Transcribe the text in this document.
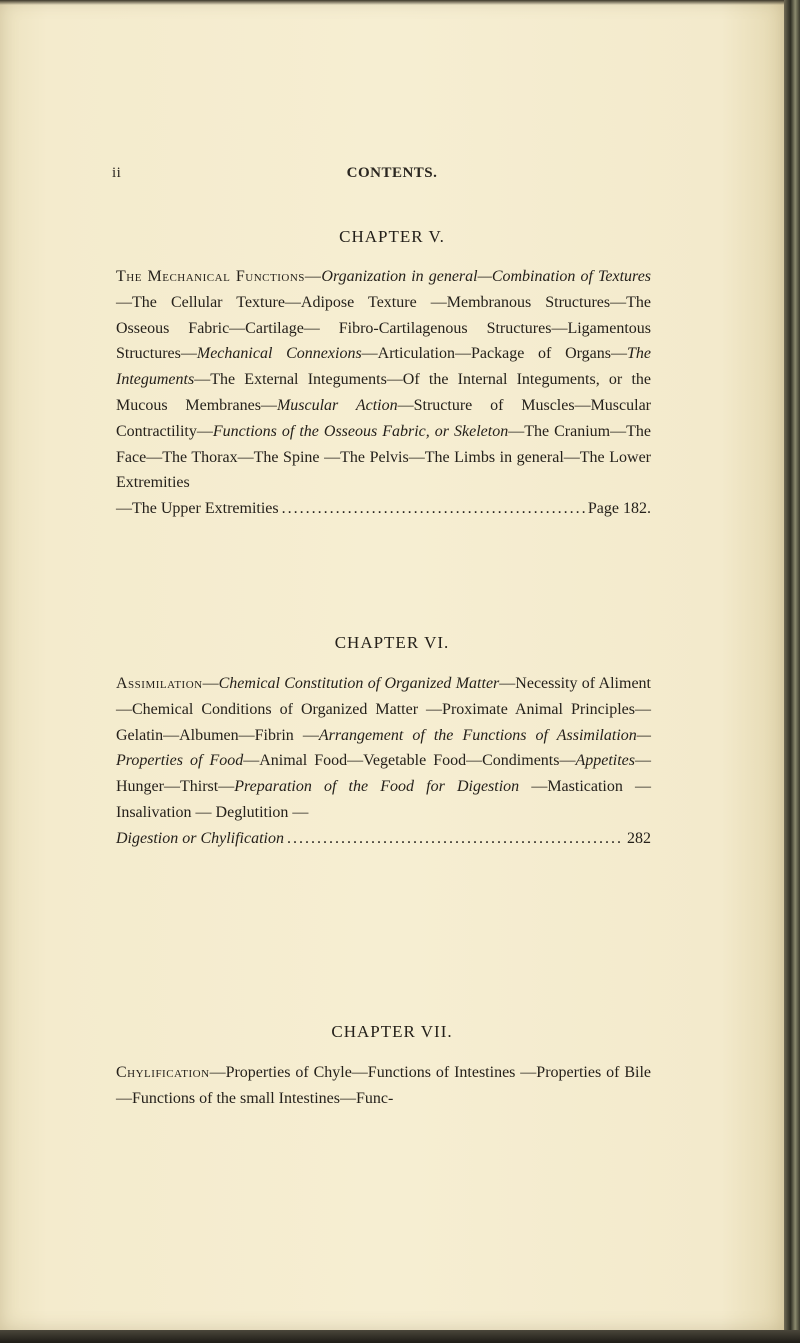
ii	CONTENTS.
CHAPTER V.
The Mechanical Functions—Organization in general—Combination of Textures—The Cellular Texture—Adipose Texture —Membranous Structures—The Osseous Fabric—Cartilage— Fibro-Cartilagenous Structures—Ligamentous Structures—Mechanical Connexions—Articulation—Package of Organs—The Integuments—The External Integuments—Of the Internal Integuments, or the Mucous Membranes—Muscular Action—Structure of Muscles—Muscular Contractility—Functions of the Osseous Fabric, or Skeleton—The Cranium—The Face—The Thorax—The Spine —The Pelvis—The Limbs in general—The Lower Extremities
—The Upper Extremities . . .	Page 182.
CHAPTER VI.
Assimilation—Chemical Constitution of Organized Matter—Necessity of Aliment—Chemical Conditions of Organized Matter —Proximate Animal Principles—Gelatin—Albumen—Fibrin —Arrangement of the Functions of Assimilation—Properties of Food—Animal Food—Vegetable Food—Condiments—Appetites—Hunger—Thirst—Preparation of the Food for Digestion —Mastication — Insalivation — Deglutition —
Digestion or Chylification . . .	282
CHAPTER VII.
Chylification—Properties of Chyle—Functions of Intestines —Properties of Bile—Functions of the small Intestines—Func-
